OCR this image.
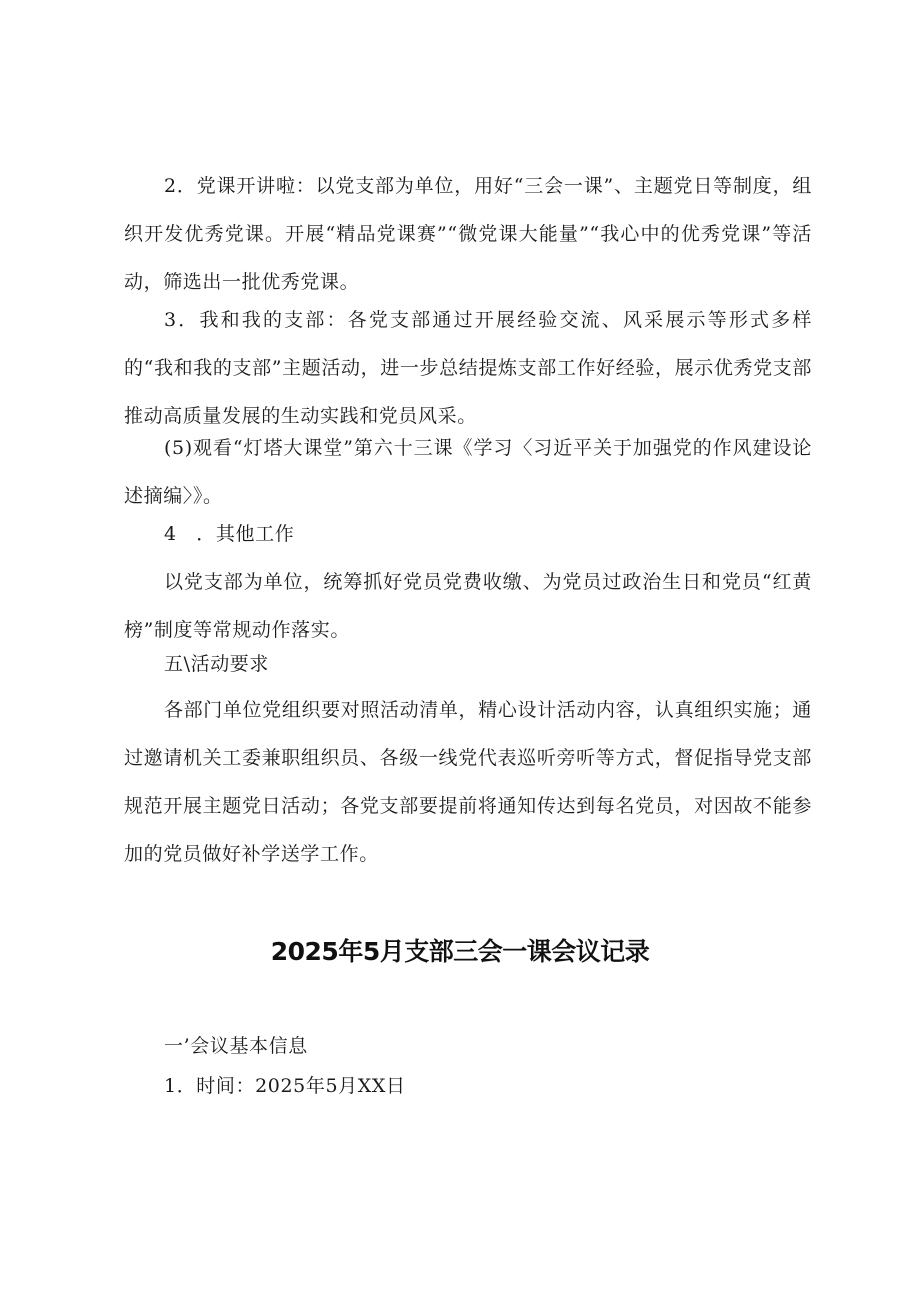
2．党课开讲啦：以党支部为单位，用好“三会一课”、主题党日等制度，组织开发优秀党课。开展“精品党课赛”“微党课大能量”“我心中的优秀党课”等活动，筛选出一批优秀党课。

3．我和我的支部：各党支部通过开展经验交流、风采展示等形式多样的“我和我的支部”主题活动，进一步总结提炼支部工作好经验，展示优秀党支部推动高质量发展的生动实践和党员风采。

(5)观看“灯塔大课堂”第六十三课《学习〈习近平关于加强党的作风建设论述摘编〉》。

4　．其他工作

以党支部为单位，统筹抓好党员党费收缴、为党员过政治生日和党员“红黄榜”制度等常规动作落实。

五\活动要求

各部门单位党组织要对照活动清单，精心设计活动内容，认真组织实施；通过邀请机关工委兼职组织员、各级一线党代表巡听旁听等方式，督促指导党支部规范开展主题党日活动；各党支部要提前将通知传达到每名党员，对因故不能参加的党员做好补学送学工作。

2025年5月支部三会一课会议记录

一’会议基本信息

1．时间：2025年5月XX日
